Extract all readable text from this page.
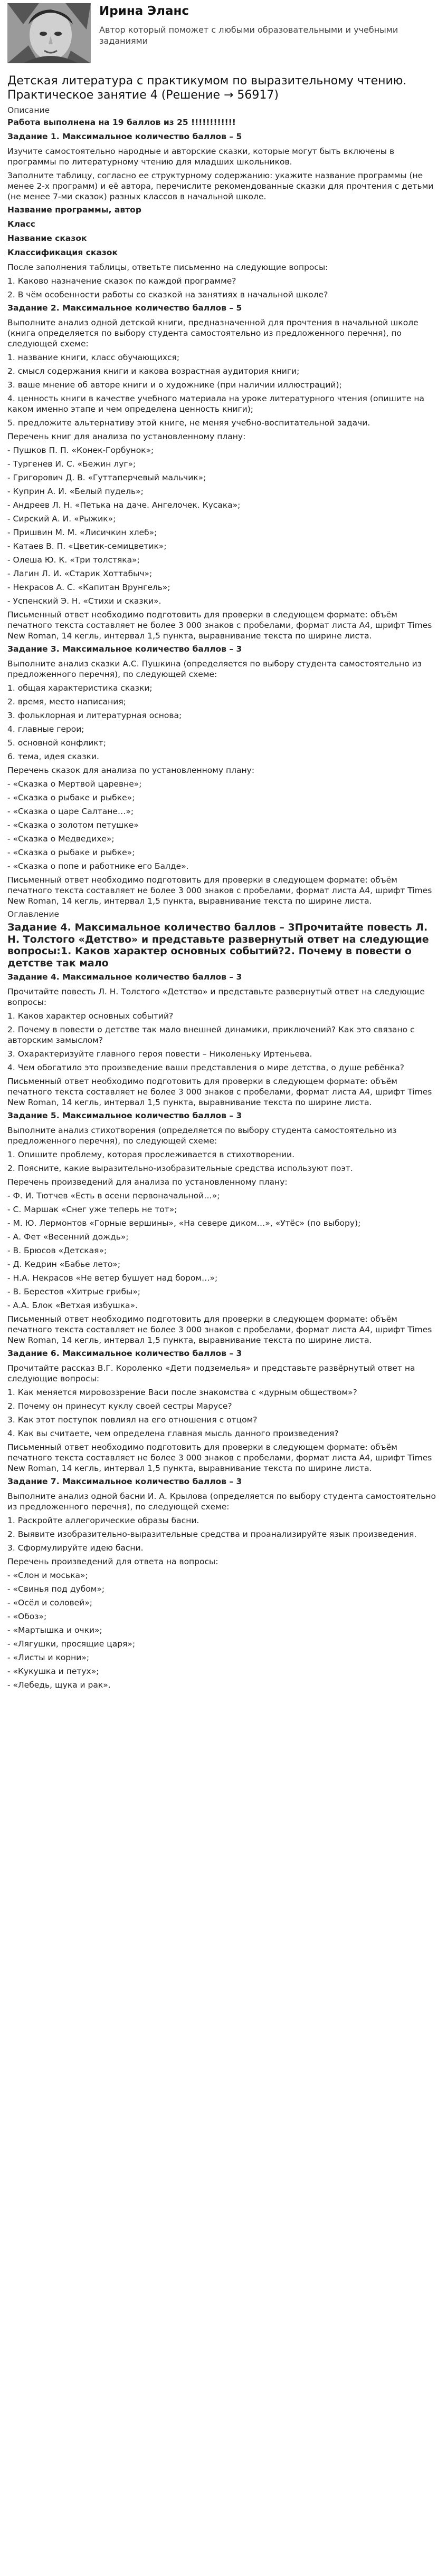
Ирина Эланс
Автор который поможет с любыми образовательными и учебными заданиями
Детская литература с практикумом по выразительному чтению. Практическое занятие 4 (Решение → 56917)
Описание
Работа выполнена на 19 баллов из 25 !!!!!!!!!!!!
Задание 1. Максимальное количество баллов – 5
Изучите самостоятельно народные и авторские сказки, которые могут быть включены в программы по литературному чтению для младших школьников.
Заполните таблицу, согласно ее структурному содержанию: укажите название программы (не менее 2-х программ) и её автора, перечислите рекомендованные сказки для прочтения с детьми (не менее 7-ми сказок) разных классов в начальной школе.
Название программы, автор
Класс
Название сказок
Классификация сказок
После заполнения таблицы, ответьте письменно на следующие вопросы:
1. Каково назначение сказок по каждой программе?
2. В чём особенности работы со сказкой на занятиях в начальной школе?
Задание 2. Максимальное количество баллов – 5
Выполните анализ одной детской книги, предназначенной для прочтения в начальной школе (книга определяется по выбору студента самостоятельно из предложенного перечня), по следующей схеме:
1. название книги, класс обучающихся;
2. смысл содержания книги и какова возрастная аудитория книги;
3. ваше мнение об авторе книги и о художнике (при наличии иллюстраций);
4. ценность книги в качестве учебного материала на уроке литературного чтения (опишите на каком именно этапе и чем определена ценность книги);
5. предложите альтернативу этой книге, не меняя учебно-воспитательной задачи.
Перечень книг для анализа по установленному плану:
- Пушков П. П. «Конек-Горбунок»;
- Тургенев И. С. «Бежин луг»;
- Григорович Д. В. «Гуттаперчевый мальчик»;
- Куприн А. И. «Белый пудель»;
- Андреев Л. Н. «Петька на даче. Ангелочек. Кусака»;
- Сирский А. И. «Рыжик»;
- Пришвин М. М. «Лисичкин хлеб»;
- Катаев В. П. «Цветик-семицветик»;
- Олеша Ю. К. «Три толстяка»;
- Лагин Л. И. «Старик Хоттабыч»;
- Некрасов А. С. «Капитан Врунгель»;
- Успенский Э. Н. «Стихи и сказки».
Письменный ответ необходимо подготовить для проверки в следующем формате: объём печатного текста составляет не более 3 000 знаков с пробелами, формат листа А4, шрифт Times New Roman, 14 кегль, интервал 1,5 пункта, выравнивание текста по ширине листа.
Задание 3. Максимальное количество баллов – 3
Выполните анализ сказки А.С. Пушкина (определяется по выбору студента самостоятельно из предложенного перечня), по следующей схеме:
1. общая характеристика сказки;
2. время, место написания;
3. фольклорная и литературная основа;
4. главные герои;
5. основной конфликт;
6. тема, идея сказки.
Перечень сказок для анализа по установленному плану:
- «Сказка о Мертвой царевне»;
- «Сказка о рыбаке и рыбке»;
- «Сказка о царе Салтане…»;
- «Сказка о золотом петушке»
- «Сказка о Медведихе»;
- «Сказка о рыбаке и рыбке»;
- «Сказка о попе и работнике его Балде».
Письменный ответ необходимо подготовить для проверки в следующем формате: объём печатного текста составляет не более 3 000 знаков с пробелами, формат листа А4, шрифт Times New Roman, 14 кегль, интервал 1,5 пункта, выравнивание текста по ширине листа.
Оглавление
Задание 4. Максимальное количество баллов – 3Прочитайте повесть Л. Н. Толстого «Детство» и представьте развернутый ответ на следующие вопросы:1. Каков характер основных событий?2. Почему в повести о детстве так мало
Задание 4. Максимальное количество баллов – 3
Прочитайте повесть Л. Н. Толстого «Детство» и представьте развернутый ответ на следующие вопросы:
1. Каков характер основных событий?
2. Почему в повести о детстве так мало внешней динамики, приключений? Как это связано с авторским замыслом?
3. Охарактеризуйте главного героя повести – Николеньку Иртеньева.
4. Чем обогатило это произведение ваши представления о мире детства, о душе ребёнка?
Письменный ответ необходимо подготовить для проверки в следующем формате: объём печатного текста составляет не более 3 000 знаков с пробелами, формат листа А4, шрифт Times New Roman, 14 кегль, интервал 1,5 пункта, выравнивание текста по ширине листа.
Задание 5. Максимальное количество баллов – 3
Выполните анализ стихотворения (определяется по выбору студента самостоятельно из предложенного перечня), по следующей схеме:
1. Опишите проблему, которая прослеживается в стихотворении.
2. Поясните, какие выразительно-изобразительные средства используют поэт.
Перечень произведений для анализа по установленному плану:
- Ф. И. Тютчев «Есть в осени первоначальной…»;
- С. Маршак «Снег уже теперь не тот»;
- М. Ю. Лермонтов «Горные вершины», «На севере диком…», «Утёс» (по выбору);
- А. Фет «Весенний дождь»;
- В. Брюсов «Детская»;
- Д. Кедрин «Бабье лето»;
- Н.А. Некрасов «Не ветер бушует над бором…»;
- В. Берестов «Хитрые грибы»;
- А.А. Блок «Ветхая избушка».
Письменный ответ необходимо подготовить для проверки в следующем формате: объём печатного текста составляет не более 3 000 знаков с пробелами, формат листа А4, шрифт Times New Roman, 14 кегль, интервал 1,5 пункта, выравнивание текста по ширине листа.
Задание 6. Максимальное количество баллов – 3
Прочитайте рассказ В.Г. Короленко «Дети подземелья» и представьте развёрнутый ответ на следующие вопросы:
1. Как меняется мировоззрение Васи после знакомства с «дурным обществом»?
2. Почему он принесут куклу своей сестры Марусе?
3. Как этот поступок повлиял на его отношения с отцом?
4. Как вы считаете, чем определена главная мысль данного произведения?
Письменный ответ необходимо подготовить для проверки в следующем формате: объём печатного текста составляет не более 3 000 знаков с пробелами, формат листа А4, шрифт Times New Roman, 14 кегль, интервал 1,5 пункта, выравнивание текста по ширине листа.
Задание 7. Максимальное количество баллов – 3
Выполните анализ одной басни И. А. Крылова (определяется по выбору студента самостоятельно из предложенного перечня), по следующей схеме:
1. Раскройте аллегорические образы басни.
2. Выявите изобразительно-выразительные средства и проанализируйте язык произведения.
3. Сформулируйте идею басни.
Перечень произведений для ответа на вопросы:
- «Слон и моська»;
- «Свинья под дубом»;
- «Осёл и соловей»;
- «Обоз»;
- «Мартышка и очки»;
- «Лягушки, просящие царя»;
- «Листы и корни»;
- «Кукушка и петух»;
- «Лебедь, щука и рак».
